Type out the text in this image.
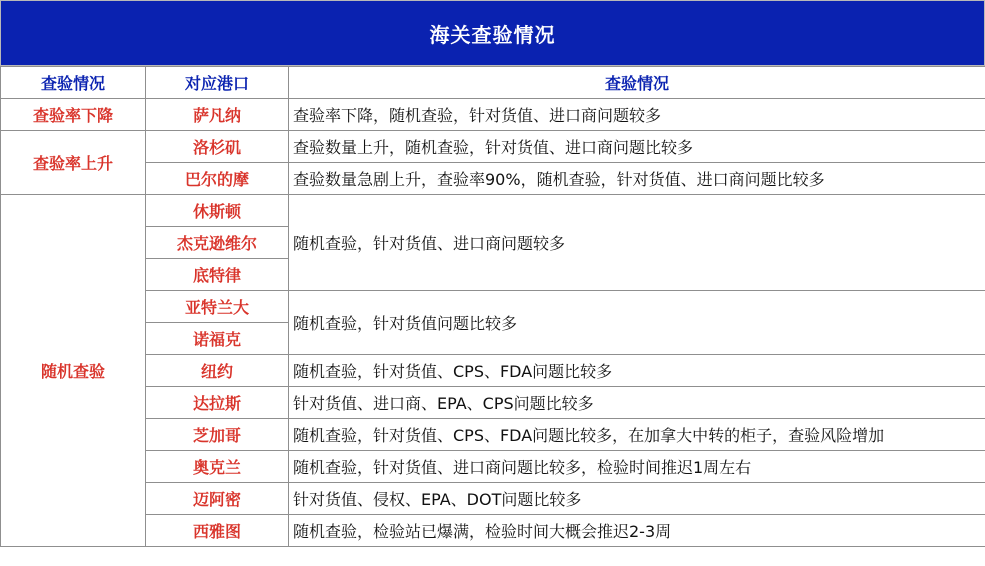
海关查验情况
查验情况	对应港口	查验情况
查验率下降	萨凡纳	查验率下降，随机查验，针对货值、进口商问题较多
查验率上升	洛杉矶	查验数量上升，随机查验，针对货值、进口商问题比较多
	巴尔的摩	查验数量急剧上升，查验率90%，随机查验，针对货值、进口商问题比较多
随机查验	休斯顿	随机查验，针对货值、进口商问题较多
	杰克逊维尔	
	底特律	
	亚特兰大	随机查验，针对货值问题比较多
	诺福克	
	纽约	随机查验，针对货值、CPS、FDA问题比较多
	达拉斯	针对货值、进口商、EPA、CPS问题比较多
	芝加哥	随机查验，针对货值、CPS、FDA问题比较多，在加拿大中转的柜子，查验风险增加
	奥克兰	随机查验，针对货值、进口商问题比较多，检验时间推迟1周左右
	迈阿密	针对货值、侵权、EPA、DOT问题比较多
	西雅图	随机查验，检验站已爆满，检验时间大概会推迟2-3周
